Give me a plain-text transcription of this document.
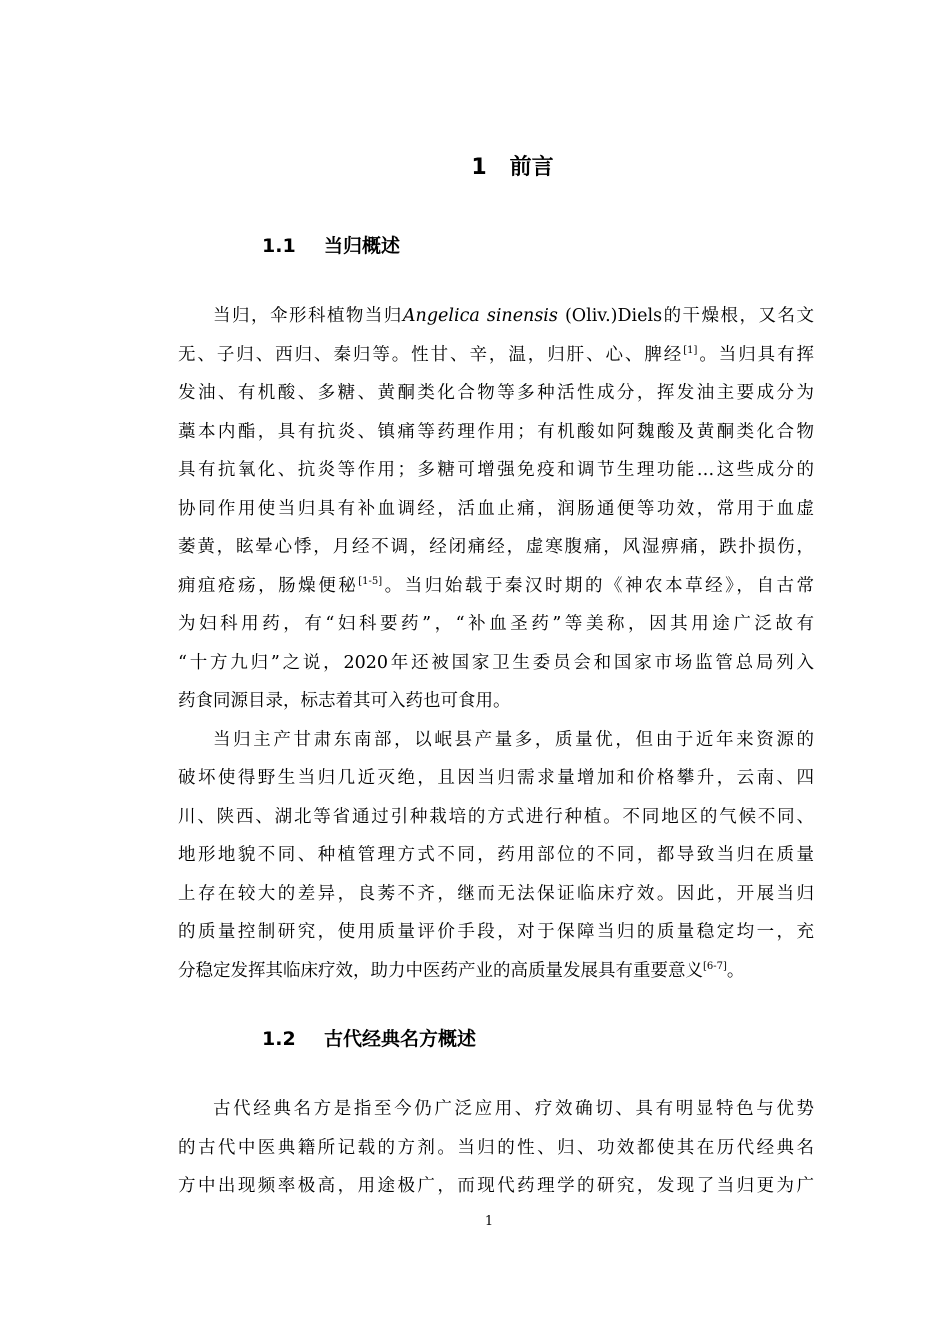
1 前言
1.1 当归概述
当归，伞形科植物当归Angelica sinensis (Oliv.)Diels的干燥根，又名文
无、子归、西归、秦归等。性甘、辛，温，归肝、心、脾经[1]。当归具有挥
发油、有机酸、多糖、黄酮类化合物等多种活性成分，挥发油主要成分为
藁本内酯，具有抗炎、镇痛等药理作用；有机酸如阿魏酸及黄酮类化合物
具有抗氧化、抗炎等作用；多糖可增强免疫和调节生理功能…这些成分的
协同作用使当归具有补血调经，活血止痛，润肠通便等功效，常用于血虚
萎黄，眩晕心悸，月经不调，经闭痛经，虚寒腹痛，风湿痹痛，跌扑损伤，
痈疽疮疡，肠燥便秘[1-5]。当归始载于秦汉时期的《神农本草经》，自古常
为妇科用药，有“妇科要药”，“补血圣药”等美称，因其用途广泛故有
“十方九归”之说，2020年还被国家卫生委员会和国家市场监管总局列入
药食同源目录，标志着其可入药也可食用。
当归主产甘肃东南部，以岷县产量多，质量优，但由于近年来资源的
破坏使得野生当归几近灭绝，且因当归需求量增加和价格攀升，云南、四
川、陕西、湖北等省通过引种栽培的方式进行种植。不同地区的气候不同、
地形地貌不同、种植管理方式不同，药用部位的不同，都导致当归在质量
上存在较大的差异，良莠不齐，继而无法保证临床疗效。因此，开展当归
的质量控制研究，使用质量评价手段，对于保障当归的质量稳定均一，充
分稳定发挥其临床疗效，助力中医药产业的高质量发展具有重要意义[6-7]。
1.2 古代经典名方概述
古代经典名方是指至今仍广泛应用、疗效确切、具有明显特色与优势
的古代中医典籍所记载的方剂。当归的性、归、功效都使其在历代经典名
方中出现频率极高，用途极广，而现代药理学的研究，发现了当归更为广
1
